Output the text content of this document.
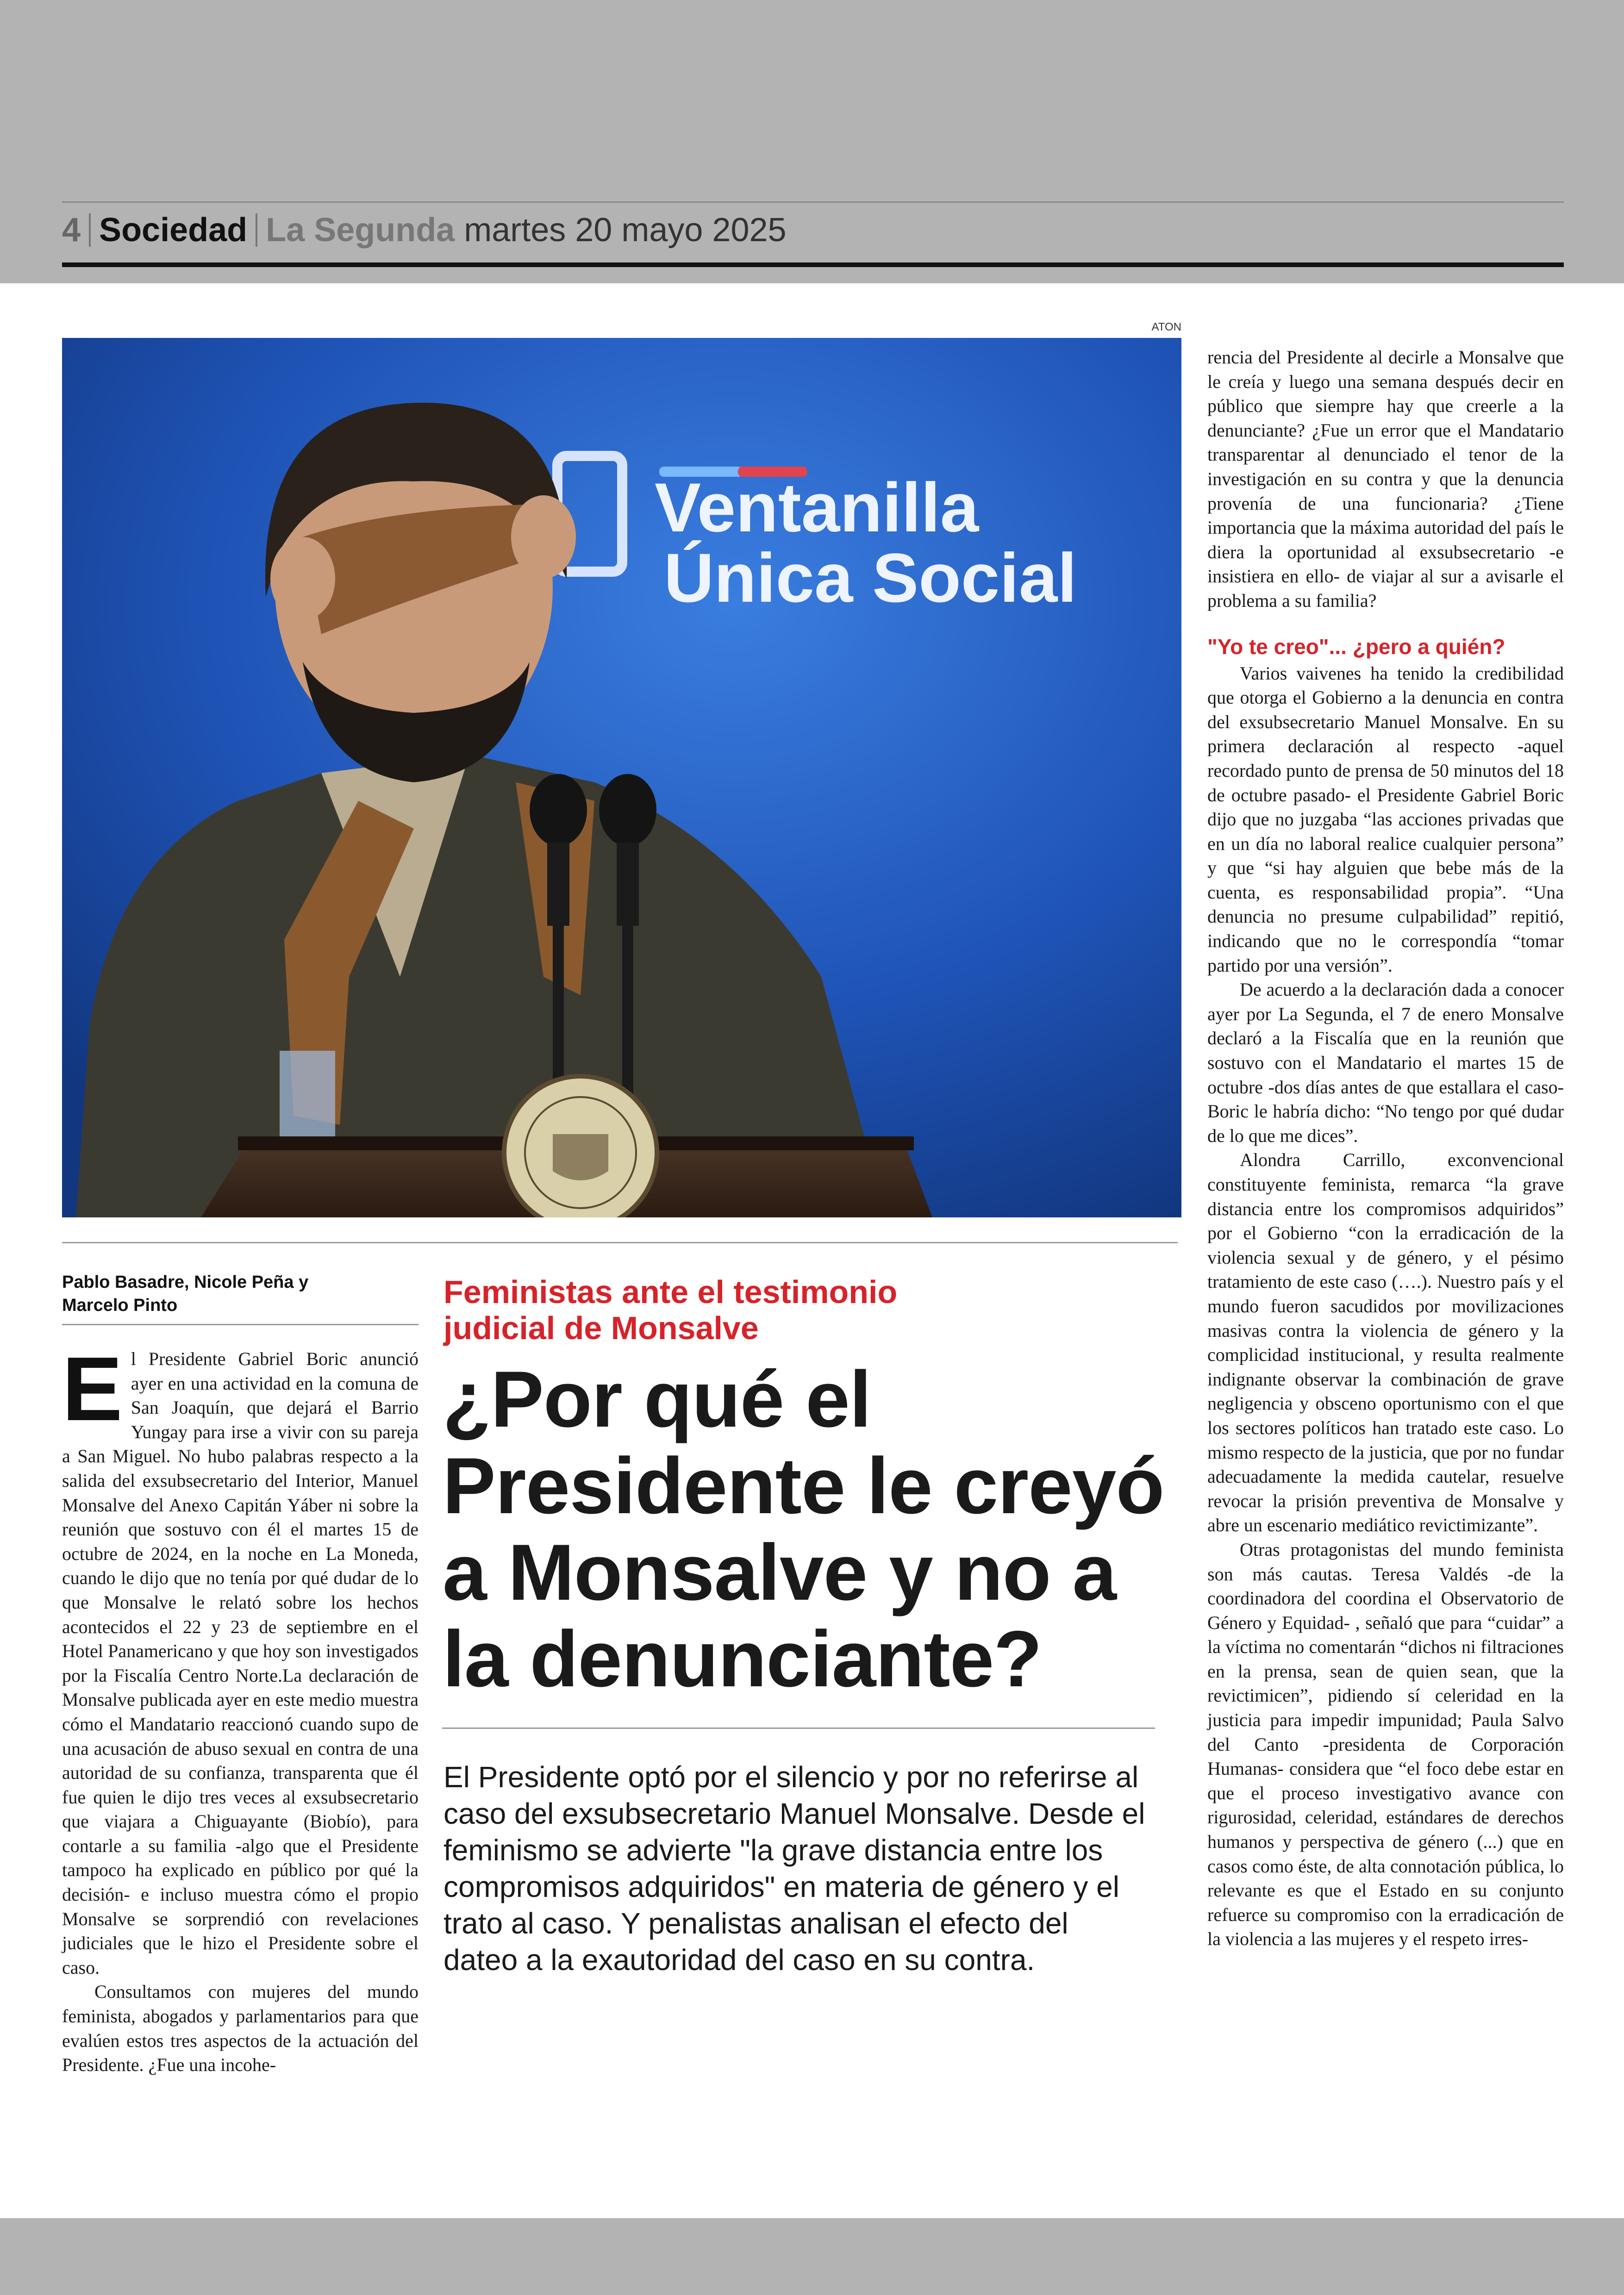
4 Sociedad La Segunda martes 20 mayo 2025
ATON
Ventanilla
Única Social
Pablo Basadre, Nicole Peña y
Marcelo Pinto

El Presidente Gabriel Boric anunció ayer en una actividad en la comuna de San Joaquín, que dejará el Barrio Yungay para irse a vivir con su pareja a San Miguel. No hubo palabras respecto a la salida del exsubsecretario del Interior, Manuel Monsalve del Anexo Capitán Yáber ni sobre la reunión que sostuvo con él el martes 15 de octubre de 2024, en la noche en La Moneda, cuando le dijo que no tenía por qué dudar de lo que Monsalve le relató sobre los hechos acontecidos el 22 y 23 de septiembre en el Hotel Panamericano y que hoy son investigados por la Fiscalía Centro Norte.La declaración de Monsalve publicada ayer en este medio muestra cómo el Mandatario reaccionó cuando supo de una acusación de abuso sexual en contra de una autoridad de su confianza, transparenta que él fue quien le dijo tres veces al exsubsecretario que viajara a Chiguayante (Biobío), para contarle a su familia -algo que el Presidente tampoco ha explicado en público por qué la decisión- e incluso muestra cómo el propio Monsalve se sorprendió con revelaciones judiciales que le hizo el Presidente sobre el caso.

Consultamos con mujeres del mundo feminista, abogados y parlamentarios para que evalúen estos tres aspectos de la actuación del Presidente. ¿Fue una incohe-

Feministas ante el testimonio
judicial de Monsalve
¿Por qué el
Presidente le creyó
a Monsalve y no a
la denunciante?
El Presidente optó por el silencio y por no referirse al caso del exsubsecretario Manuel Monsalve. Desde el feminismo se advierte "la grave distancia entre los compromisos adquiridos" en materia de género y el trato al caso. Y penalistas analisan el efecto del dateo a la exautoridad del caso en su contra.

rencia del Presidente al decirle a Monsalve que le creía y luego una semana después decir en público que siempre hay que creerle a la denunciante? ¿Fue un error que el Mandatario transparentar al denunciado el tenor de la investigación en su contra y que la denuncia provenía de una funcionaria? ¿Tiene importancia que la máxima autoridad del país le diera la oportunidad al exsubsecretario -e insistiera en ello- de viajar al sur a avisarle el problema a su familia?

"Yo te creo"... ¿pero a quién?

Varios vaivenes ha tenido la credibilidad que otorga el Gobierno a la denuncia en contra del exsubsecretario Manuel Monsalve. En su primera declaración al respecto -aquel recordado punto de prensa de 50 minutos del 18 de octubre pasado- el Presidente Gabriel Boric dijo que no juzgaba “las acciones privadas que en un día no laboral realice cualquier persona” y que “si hay alguien que bebe más de la cuenta, es responsabilidad propia”. “Una denuncia no presume culpabilidad” repitió, indicando que no le correspondía “tomar partido por una versión”.

De acuerdo a la declaración dada a conocer ayer por La Segunda, el 7 de enero Monsalve declaró a la Fiscalía que en la reunión que sostuvo con el Mandatario el martes 15 de octubre -dos días antes de que estallara el caso- Boric le habría dicho: “No tengo por qué dudar de lo que me dices”.

Alondra Carrillo, exconvencional constituyente feminista, remarca “la grave distancia entre los compromisos adquiridos” por el Gobierno “con la erradicación de la violencia sexual y de género, y el pésimo tratamiento de este caso (….). Nuestro país y el mundo fueron sacudidos por movilizaciones masivas contra la violencia de género y la complicidad institucional, y resulta realmente indignante observar la combinación de grave negligencia y obsceno oportunismo con el que los sectores políticos han tratado este caso. Lo mismo respecto de la justicia, que por no fundar adecuadamente la medida cautelar, resuelve revocar la prisión preventiva de Monsalve y abre un escenario mediático revictimizante”.

Otras protagonistas del mundo feminista son más cautas. Teresa Valdés -de la coordinadora del coordina el Observatorio de Género y Equidad- , señaló que para “cuidar” a la víctima no comentarán “dichos ni filtraciones en la prensa, sean de quien sean, que la revictimicen”, pidiendo sí celeridad en la justicia para impedir impunidad; Paula Salvo del Canto -presidenta de Corporación Humanas- considera que “el foco debe estar en que el proceso investigativo avance con rigurosidad, celeridad, estándares de derechos humanos y perspectiva de género (...) que en casos como éste, de alta connotación pública, lo relevante es que el Estado en su conjunto refuerce su compromiso con la erradicación de la violencia a las mujeres y el respeto irres-
